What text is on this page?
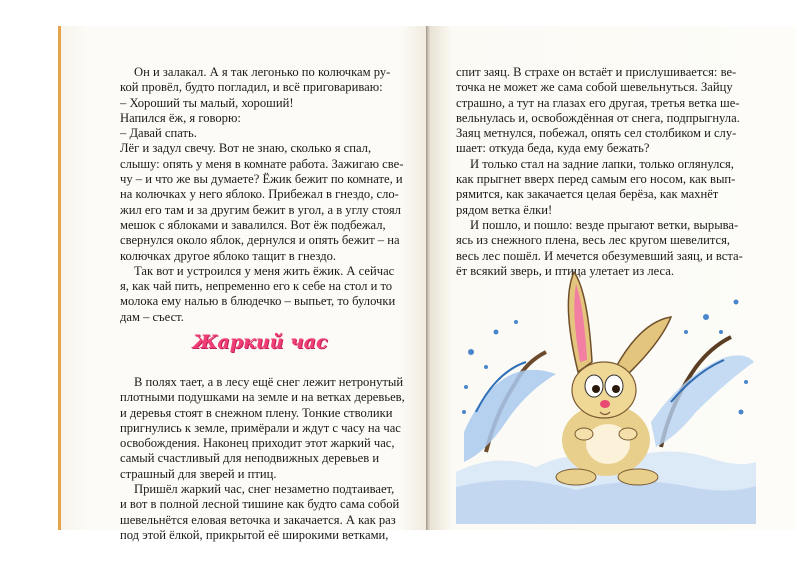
Он и залакал. А я так легонько по колючкам ру-
кой провёл, будто погладил, и всё приговариваю:
– Хороший ты малый, хороший!
Напился ёж, я говорю:
– Давай спать.
Лёг и задул свечу. Вот не знаю, сколько я спал,
слышу: опять у меня в комнате работа. Зажигаю све-
чу – и что же вы думаете? Ёжик бежит по комнате, и
на колючках у него яблоко. Прибежал в гнездо, сло-
жил его там и за другим бежит в угол, а в углу стоял
мешок с яблоками и завалился. Вот ёж подбежал,
свернулся около яблок, дернулся и опять бежит – на
колючках другое яблоко тащит в гнездо.
Так вот и устроился у меня жить ёжик. А сейчас
я, как чай пить, непременно его к себе на стол и то
молока ему налью в блюдечко – выпьет, то булочки
дам – съест.
Жаркий час
В полях тает, а в лесу ещё снег лежит нетронутый
плотными подушками на земле и на ветках деревьев,
и деревья стоят в снежном плену. Тонкие стволики
пригнулись к земле, примёрали и ждут с часу на час
освобождения. Наконец приходит этот жаркий час,
самый счастливый для неподвижных деревьев и
страшный для зверей и птиц.
Пришёл жаркий час, снег незаметно подтаивает,
и вот в полной лесной тишине как будто сама собой
шевельнётся еловая веточка и закачается. А как раз
под этой ёлкой, прикрытой её широкими ветками,
спит заяц. В страхе он встаёт и прислушивается: ве-
точка не может же сама собой шевельнуться. Зайцу
страшно, а тут на глазах его другая, третья ветка ше-
вельнулась и, освобождённая от снега, подпрыгнула.
Заяц метнулся, побежал, опять сел столбиком и слу-
шает: откуда беда, куда ему бежать?
И только стал на задние лапки, только оглянулся,
как прыгнет вверх перед самым его носом, как вып-
рямится, как закачается целая берёза, как махнёт
рядом ветка ёлки!
И пошло, и пошло: везде прыгают ветки, вырыва-
ясь из снежного плена, весь лес кругом шевелится,
весь лес пошёл. И мечется обезумевший заяц, и вста-
ёт всякий зверь, и птица улетает из леса.
